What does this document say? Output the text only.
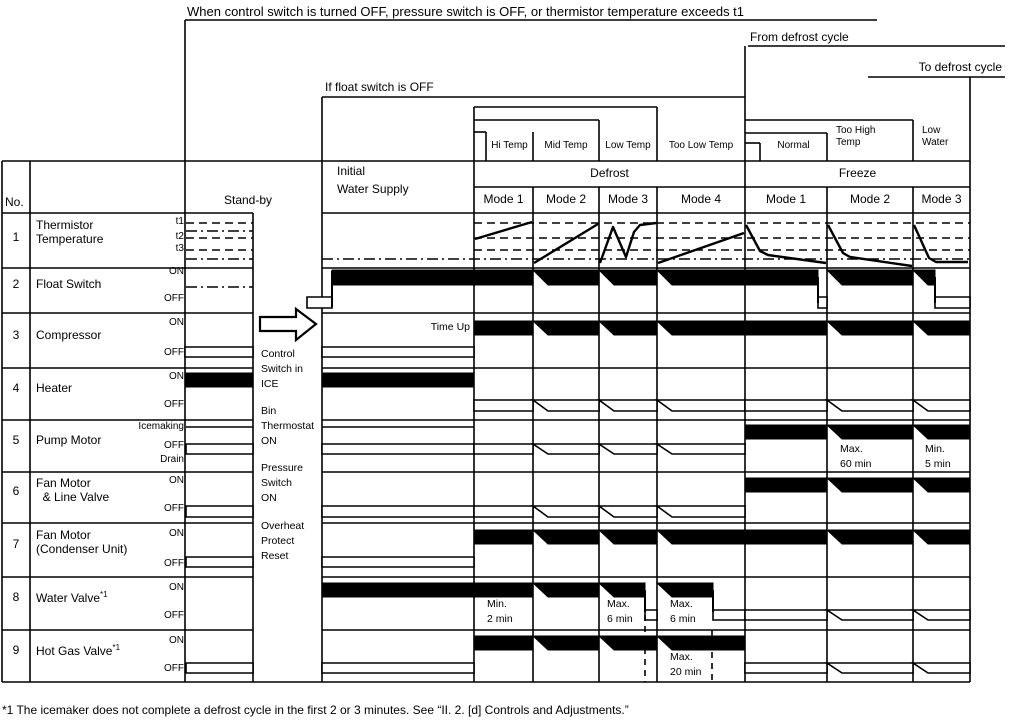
When control switch is turned OFF, pressure switch is OFF, or thermistor temperature exceeds t1
From defrost cycle
To defrost cycle
If float switch is OFF
No.	Stand-by
Initial
Water Supply
*1 The icemaker does not complete a defrost cycle in the first 2 or 3 minutes. See “II. 2. [d] Controls and Adjustments.”
Defrost
Mode 1	Mode 2	Mode 3	Mode 4
Hi Temp	Mid Temp	Low Temp	Too Low Temp
Freeze
Mode 1	Mode 2	Mode 3
Normal
Too High
Temp
Low
Water
1
Thermistor
Temperature
t1
t2
t3
2	Float Switch
ON
OFF
3	Compressor
ON
OFF
4	Heater
ON
OFF
5	Pump Motor
Icemaking
OFF
Drain
6
Fan Motor
& Line Valve
ON
OFF
7
Fan Motor
(Condenser Unit)
ON
OFF
8	Water Valve$^{*1}$
ON
OFF
9	Hot Gas Valve$^{*1}$
ON
OFF
Control
Switch in
ICE
Bin
Thermostat
ON
Pressure
Switch
ON
Overheat
Protect
Reset
Time Up
Min.
2 min
Max.
6 min
Max.
6 min
Max.
20 min
Max.
60 min
Min.
5 min
